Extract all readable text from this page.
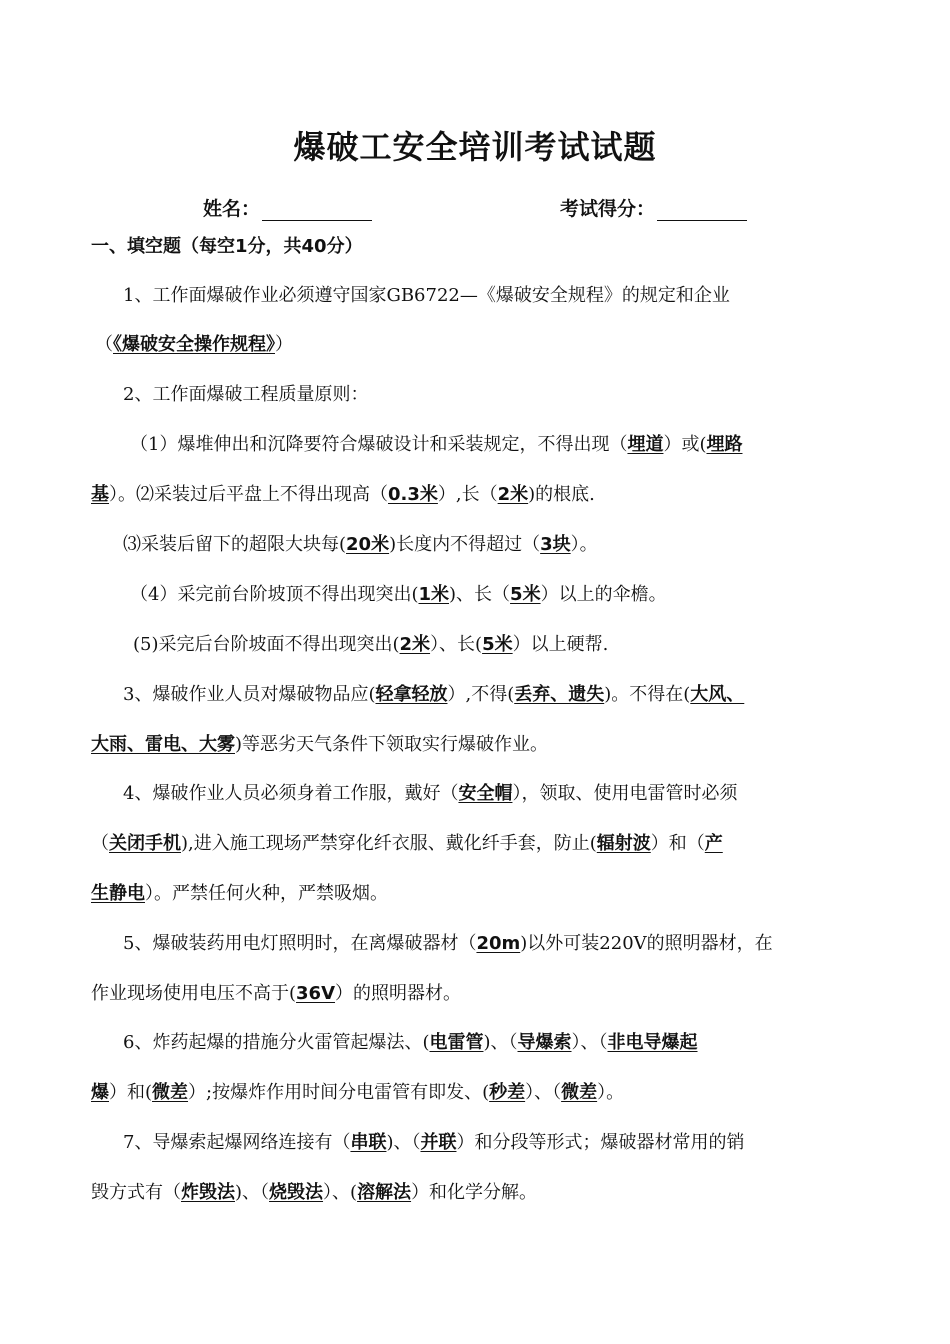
爆破工安全培训考试试题
姓名：	考试得分：
一、填空题（每空1分，共40分）
1、工作面爆破作业必须遵守国家GB6722—《爆破安全规程》的规定和企业
（《爆破安全操作规程》）
2、工作面爆破工程质量原则：
（1）爆堆伸出和沉降要符合爆破设计和采装规定，不得出现（埋道）或(埋路
基）。⑵采装过后平盘上不得出现高（0.3米）,长（2米)的根底.
⑶采装后留下的超限大块每(20米)长度内不得超过（3块）。
（4）采完前台阶坡顶不得出现突出(1米)、长（5米）以上的伞檐。
(5)采完后台阶坡面不得出现突出(2米）、长(5米）以上硬帮.
3、爆破作业人员对爆破物品应(轻拿轻放）,不得(丢弃、遗失)。不得在(大风、
大雨、雷电、大雾)等恶劣天气条件下领取实行爆破作业。
4、爆破作业人员必须身着工作服，戴好（安全帽），领取、使用电雷管时必须
（关闭手机),进入施工现场严禁穿化纤衣服、戴化纤手套，防止(辐射波）和（产
生静电）。严禁任何火种，严禁吸烟。
5、爆破装药用电灯照明时，在离爆破器材（20m)以外可装220V的照明器材，在
作业现场使用电压不高于(36V）的照明器材。
6、炸药起爆的措施分火雷管起爆法、(电雷管)、（导爆索）、（非电导爆起
爆）和(微差）;按爆炸作用时间分电雷管有即发、(秒差）、（微差）。
7、导爆索起爆网络连接有（串联)、（并联）和分段等形式；爆破器材常用的销
毁方式有（炸毁法)、（烧毁法）、(溶解法）和化学分解。
